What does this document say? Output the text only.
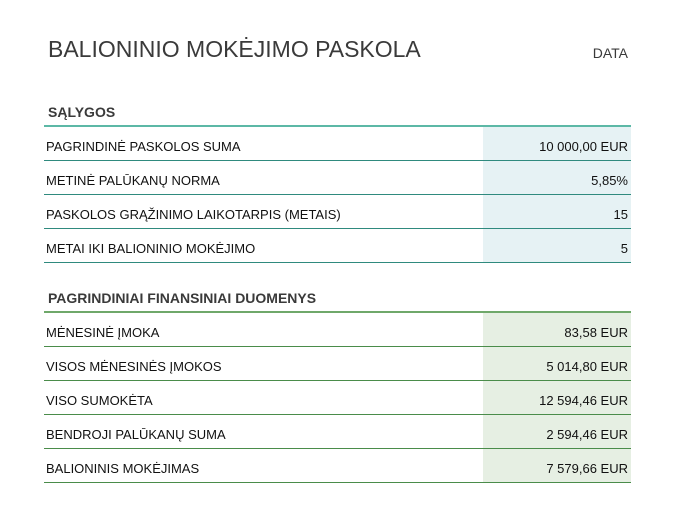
BALIONINIO MOKĖJIMO PASKOLA	DATA
SĄLYGOS
PAGRINDINĖ PASKOLOS SUMA	10 000,00 EUR
METINĖ PALŪKANŲ NORMA	5,85%
PASKOLOS GRĄŽINIMO LAIKOTARPIS (METAIS)	15
METAI IKI BALIONINIO MOKĖJIMO	5
PAGRINDINIAI FINANSINIAI DUOMENYS
MĖNESINĖ ĮMOKA	83,58 EUR
VISOS MĖNESINĖS ĮMOKOS	5 014,80 EUR
VISO SUMOKĖTA	12 594,46 EUR
BENDROJI PALŪKANŲ SUMA	2 594,46 EUR
BALIONINIS MOKĖJIMAS	7 579,66 EUR
